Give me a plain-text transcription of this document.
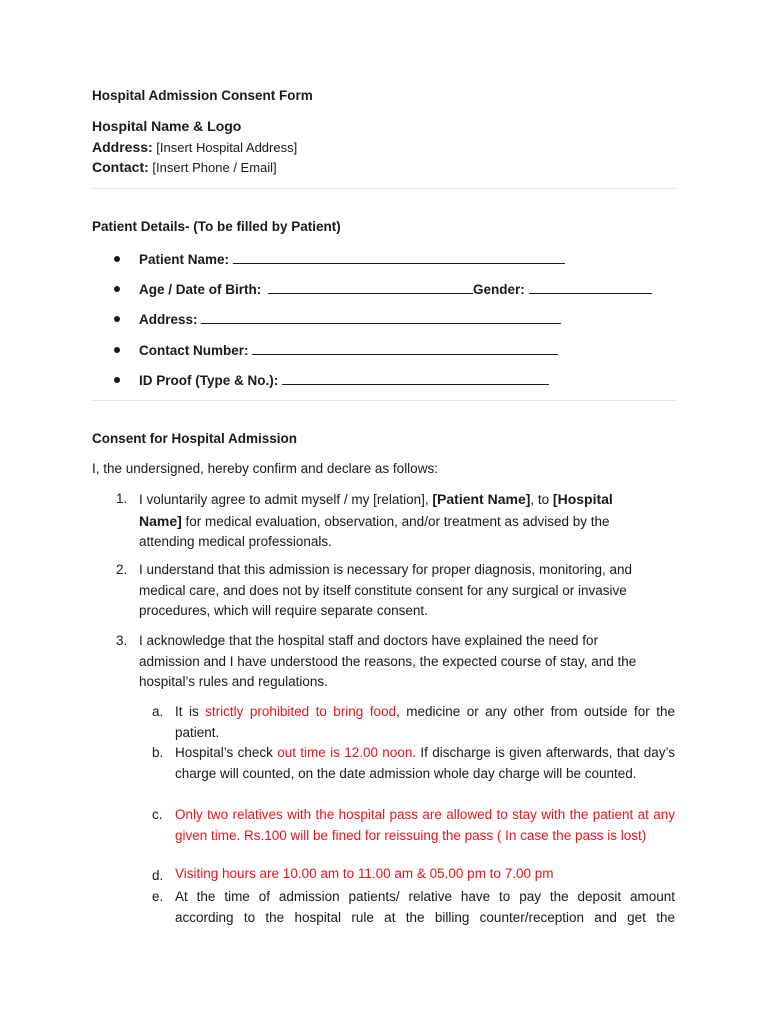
Hospital Admission Consent Form
Hospital Name & Logo
Address: [Insert Hospital Address]
Contact: [Insert Phone / Email]
Patient Details- (To be filled by Patient)
Patient Name:
Age / Date of Birth:	Gender:
Address:
Contact Number:
ID Proof (Type & No.):
Consent for Hospital Admission
I, the undersigned, hereby confirm and declare as follows:
1. I voluntarily agree to admit myself / my [relation], [Patient Name], to [Hospital Name] for medical evaluation, observation, and/or treatment as advised by the attending medical professionals.
2. I understand that this admission is necessary for proper diagnosis, monitoring, and medical care, and does not by itself constitute consent for any surgical or invasive procedures, which will require separate consent.
3. I acknowledge that the hospital staff and doctors have explained the need for admission and I have understood the reasons, the expected course of stay, and the hospital’s rules and regulations.
a. It is strictly prohibited to bring food, medicine or any other from outside for the patient.
b. Hospital’s check out time is 12.00 noon. If discharge is given afterwards, that day’s charge will counted, on the date admission whole day charge will be counted.
c. Only two relatives with the hospital pass are allowed to stay with the patient at any given time. Rs.100 will be fined for reissuing the pass ( In case the pass is lost)
d. Visiting hours are 10.00 am to 11.00 am & 05.00 pm to 7.00 pm
e. At the time of admission patients/ relative have to pay the deposit amount according to the hospital rule at the billing counter/reception and get the
